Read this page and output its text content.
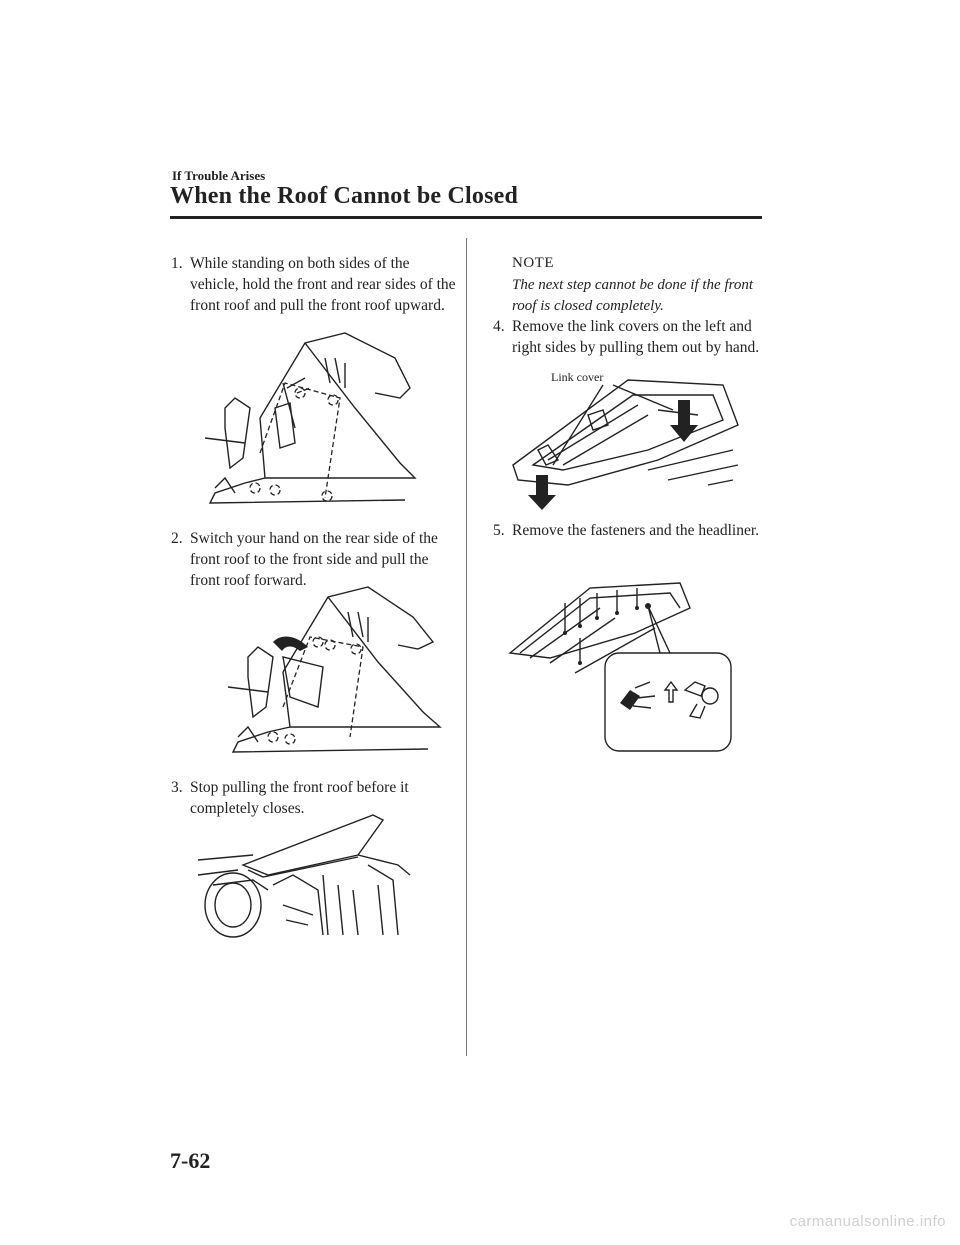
If Trouble Arises
When the Roof Cannot be Closed
1. While standing on both sides of the vehicle, hold the front and rear sides of the front roof and pull the front roof upward.
2. Switch your hand on the rear side of the front roof to the front side and pull the front roof forward.
3. Stop pulling the front roof before it completely closes.
NOTE
The next step cannot be done if the front roof is closed completely.
4. Remove the link covers on the left and right sides by pulling them out by hand.
Link cover
5. Remove the fasteners and the headliner.
7-62
carmanualsonline.info
